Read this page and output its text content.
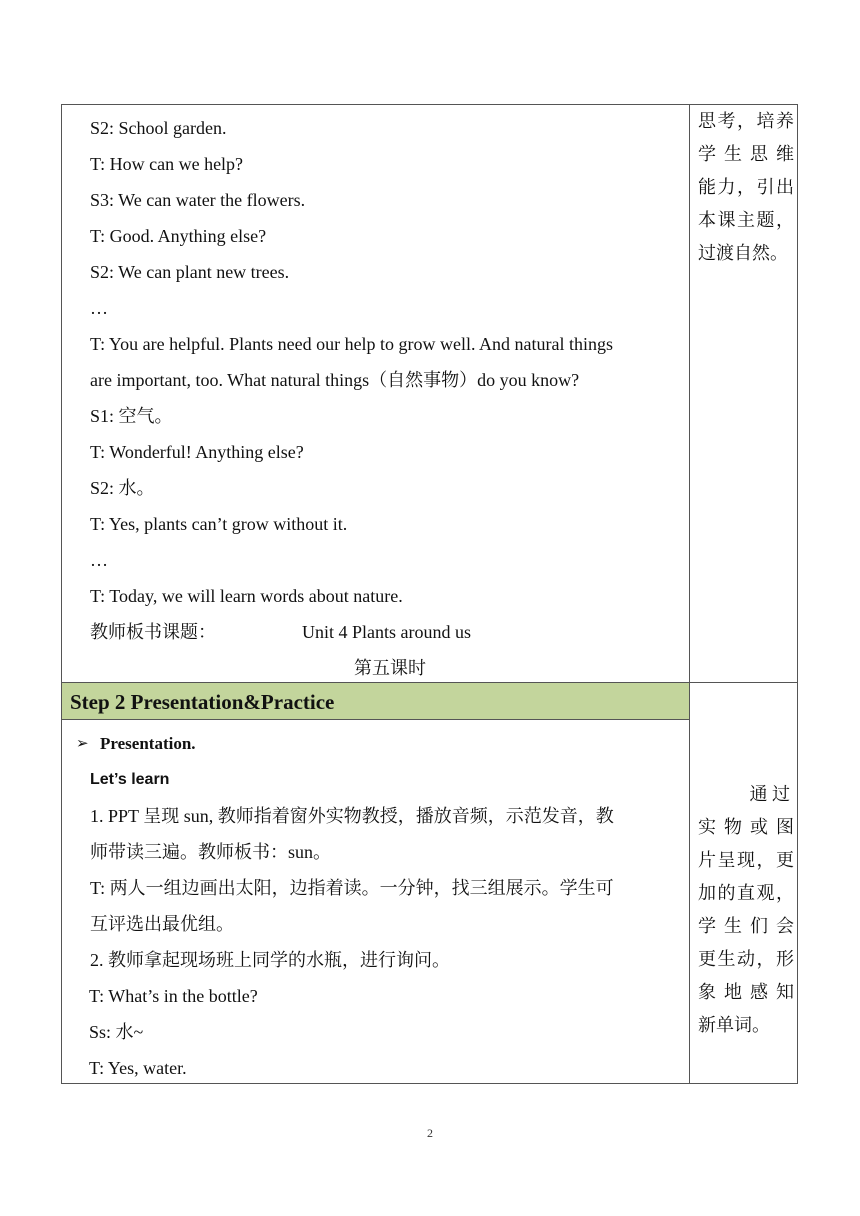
S2: School garden.
T: How can we help?
S3: We can water the flowers.
T: Good. Anything else?
S2: We can plant new trees.
…
T: You are helpful. Plants need our help to grow well. And natural things
are important, too. What natural things（自然事物）do you know?
S1: 空气。
T: Wonderful! Anything else?
S2: 水。
T: Yes, plants can’t grow without it.
…
T: Today, we will learn words about nature.
教师板书课题：	Unit 4 Plants around us
第五课时
思考，培养
学 生 思 维
能力，引出
本课主题，
过渡自然。
Step 2 Presentation&Practice
➢ Presentation.
Let’s learn
1. PPT 呈现 sun, 教师指着窗外实物教授，播放音频，示范发音，教
师带读三遍。教师板书：sun。
T: 两人一组边画出太阳，边指着读。一分钟，找三组展示。学生可
互评选出最优组。
2. 教师拿起现场班上同学的水瓶，进行询问。
T: What’s in the bottle?
Ss: 水~
T: Yes, water.
通 过
实 物 或 图
片呈现，更
加的直观，
学 生 们 会
更生动，形
象 地 感 知
新单词。
2
